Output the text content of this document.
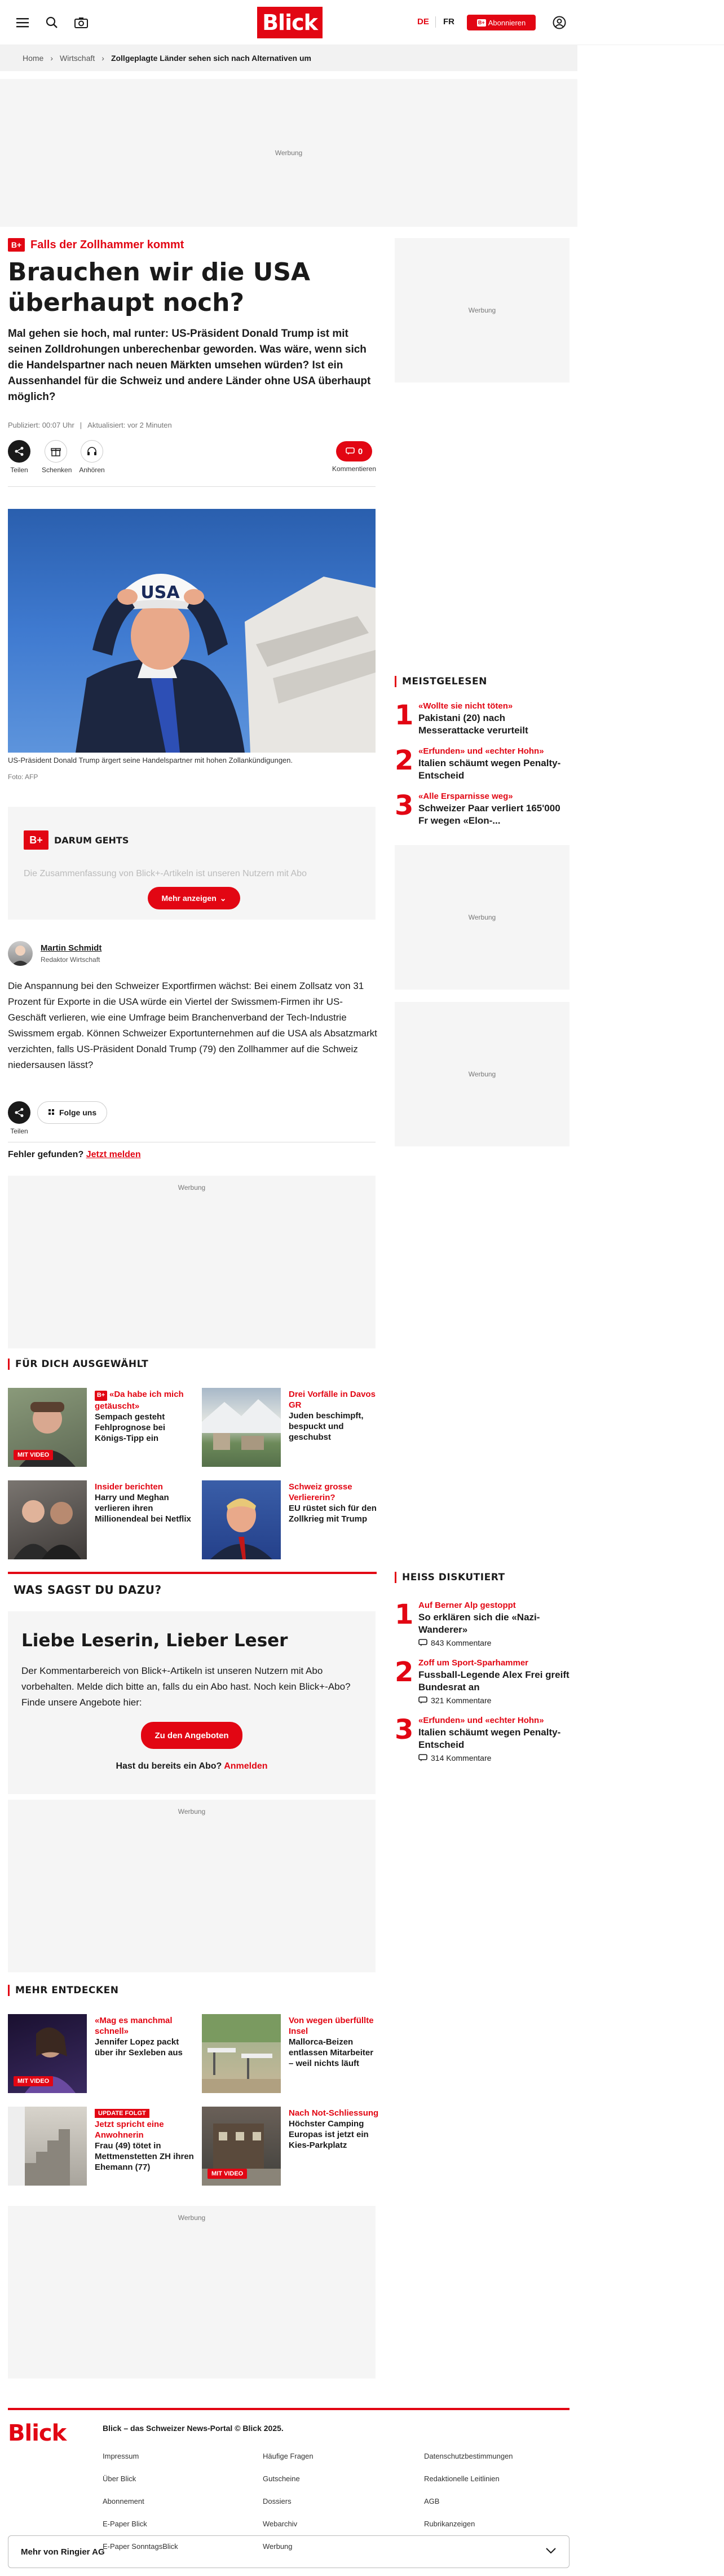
Blick	DE FR	B+ Abonnieren
Home › Wirtschaft › Zollgeplagte Länder sehen sich nach Alternativen um
Werbung
B+ Falls der Zollhammer kommt
Brauchen wir die USA überhaupt noch?

Mal gehen sie hoch, mal runter: US-Präsident Donald Trump ist mit seinen Zolldrohungen unberechenbar geworden. Was wäre, wenn sich die Handelspartner nach neuen Märkten umsehen würden? Ist ein Aussenhandel für die Schweiz und andere Länder ohne USA überhaupt möglich?

Publiziert: 00:07 Uhr | Aktualisiert: vor 2 Minuten
Teilen	Schenken Anhören
0
Kommentieren
USA
US-Präsident Donald Trump ärgert seine Handelspartner mit hohen Zollankündigungen.
Foto: AFP
B+	DARUM GEHTS
Die Zusammenfassung von Blick+-Artikeln ist unseren Nutzern mit Abo
Mehr anzeigen ⌄
Martin Schmidt
Redaktor Wirtschaft

Die Anspannung bei den Schweizer Exportfirmen wächst: Bei einem Zollsatz von 31 Prozent für Exporte in die USA würde ein Viertel der Swissmem-Firmen ihr US-Geschäft verlieren, wie eine Umfrage beim Branchenverband der Tech-Industrie Swissmem ergab. Können Schweizer Exportunternehmen auf die USA als Absatzmarkt verzichten, falls US-Präsident Donald Trump (79) den Zollhammer auf die Schweiz niedersausen lässt?

Teilen
Folge uns
Fehler gefunden? Jetzt melden
Werbung
FÜR DICH AUSGEWÄHLT
MIT VIDEO
B+ «Da habe ich mich getäuscht»
Sempach gesteht Fehlprognose bei Königs-Tipp ein
Drei Vorfälle in Davos GR
Juden beschimpft, bespuckt und geschubst
Insider berichten
Harry und Meghan verlieren ihren Millionendeal bei Netflix
Schweiz grosse Verliererin?
EU rüstet sich für den Zollkrieg mit Trump
WAS SAGST DU DAZU?
Liebe Leserin, Lieber Leser
Der Kommentarbereich von Blick+-Artikeln ist unseren Nutzern mit Abo vorbehalten. Melde dich bitte an, falls du ein Abo hast. Noch kein Blick+-Abo? Finde unsere Angebote hier:
Zu den Angeboten
Hast du bereits ein Abo? Anmelden
Werbung
MEHR ENTDECKEN
MIT VIDEO
«Mag es manchmal schnell»
Jennifer Lopez packt über ihr Sexleben aus
Von wegen überfüllte Insel
Mallorca-Beizen entlassen Mitarbeiter – weil nichts läuft
UPDATE FOLGT
Jetzt spricht eine Anwohnerin
Frau (49) tötet in Mettmenstetten ZH ihren Ehemann (77)
MIT VIDEO
Nach Not-Schliessung
Höchster Camping Europas ist jetzt ein Kies-Parkplatz
Werbung
Werbung
MEISTGELESEN
1 «Wollte sie nicht töten»
Pakistani (20) nach Messerattacke verurteilt
2 «Erfunden» und «echter Hohn»
Italien schäumt wegen Penalty-Entscheid
3 «Alle Ersparnisse weg»
Schweizer Paar verliert 165'000 Fr wegen «Elon-...
Werbung
Werbung
HEISS DISKUTIERT
1 Auf Berner Alp gestoppt
So erklären sich die «Nazi-Wanderer»
843 Kommentare
2 Zoff um Sport-Sparhammer
Fussball-Legende Alex Frei greift Bundesrat an
321 Kommentare
3 «Erfunden» und «echter Hohn»
Italien schäumt wegen Penalty-Entscheid
314 Kommentare
Blick	Blick – das Schweizer News-Portal © Blick 2025.
Impressum
Über Blick
Abonnement
E-Paper Blick
E-Paper SonntagsBlick
Häufige Fragen
Gutscheine
Dossiers
Webarchiv
Werbung
Datenschutzbestimmungen
Redaktionelle Leitlinien
AGB
Rubrikanzeigen
Mehr von Ringier AG
